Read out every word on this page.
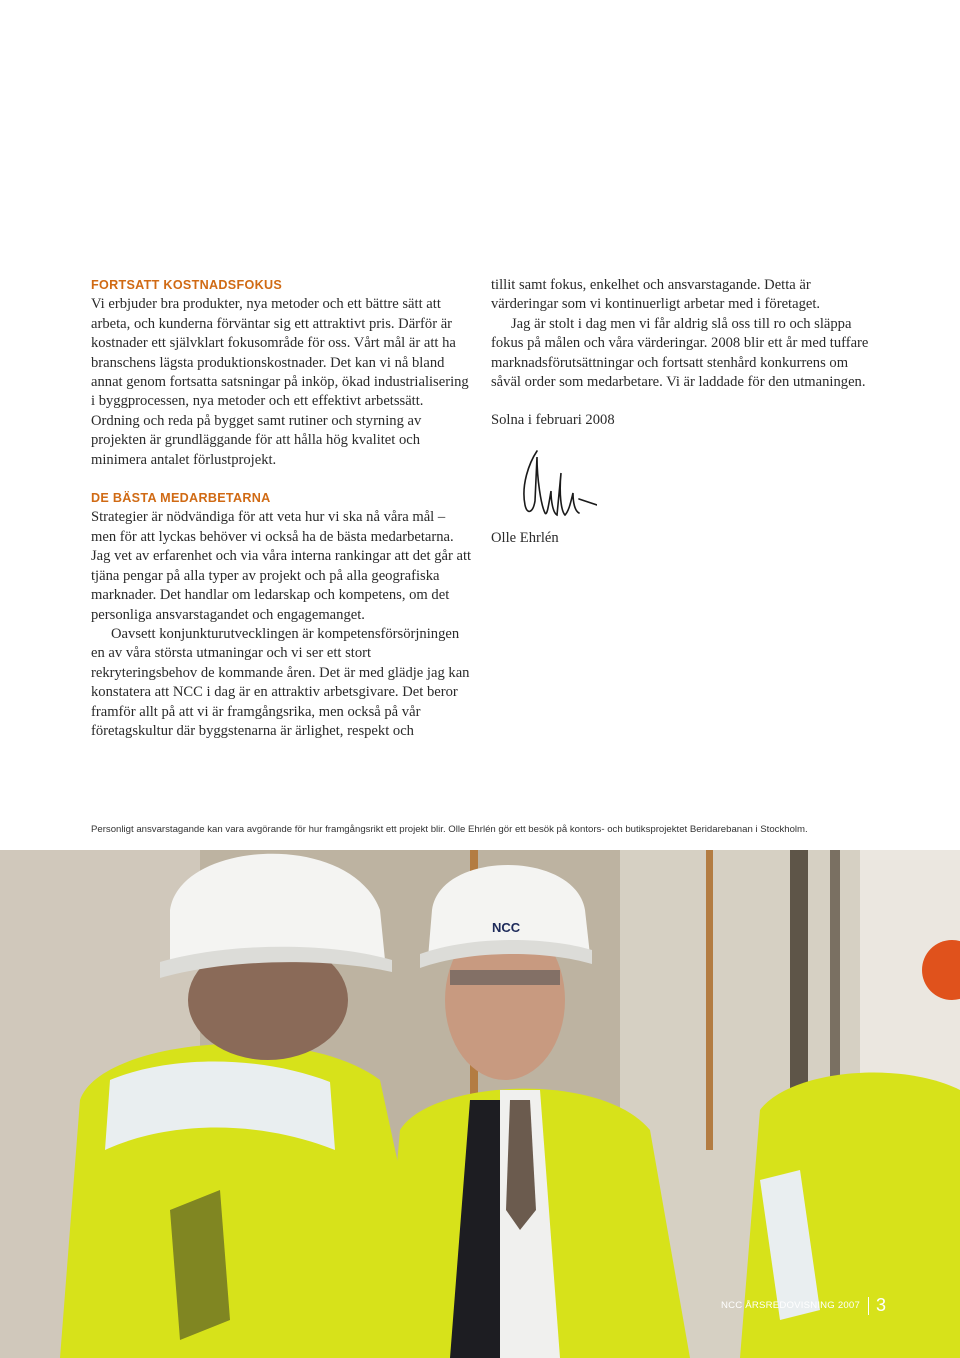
FORTSATT KOSTNADSFOKUS

Vi erbjuder bra produkter, nya metoder och ett bättre sätt att arbeta, och kunderna förväntar sig ett attraktivt pris. Därför är kostnader ett självklart fokusområde för oss. Vårt mål är att ha branschens lägsta produktionskostnader. Det kan vi nå bland annat genom fortsatta satsningar på inköp, ökad industrialisering i byggprocessen, nya metoder och ett effektivt arbetssätt. Ordning och reda på bygget samt rutiner och styrning av projekten är grundläggande för att hålla hög kvalitet och minimera antalet förlustprojekt.

DE BÄSTA MEDARBETARNA

Strategier är nödvändiga för att veta hur vi ska nå våra mål – men för att lyckas behöver vi också ha de bästa medarbetarna. Jag vet av erfarenhet och via våra interna rankingar att det går att tjäna pengar på alla typer av projekt och på alla geografiska marknader. Det handlar om ledarskap och kompetens, om det personliga ansvarstagandet och engagemanget.

Oavsett konjunkturutvecklingen är kompetensförsörjningen en av våra största utmaningar och vi ser ett stort rekryteringsbehov de kommande åren. Det är med glädje jag kan konstatera att NCC i dag är en attraktiv arbetsgivare. Det beror framför allt på att vi är framgångsrika, men också på vår företagskultur där byggstenarna är ärlighet, respekt och

tillit samt fokus, enkelhet och ansvarstagande. Detta är värderingar som vi kontinuerligt arbetar med i företaget.

Jag är stolt i dag men vi får aldrig slå oss till ro och släppa fokus på målen och våra värderingar. 2008 blir ett år med tuffare marknadsförutsättningar och fortsatt stenhård konkurrens om såväl order som medarbetare. Vi är laddade för den utmaningen.

Solna i februari 2008

Olle Ehrlén

Personligt ansvarstagande kan vara avgörande för hur framgångsrikt ett projekt blir. Olle Ehrlén gör ett besök på kontors- och butiksprojektet Beridarebanan i Stockholm.
NCC
NCC ÅRSREDOVISNING 2007 3
